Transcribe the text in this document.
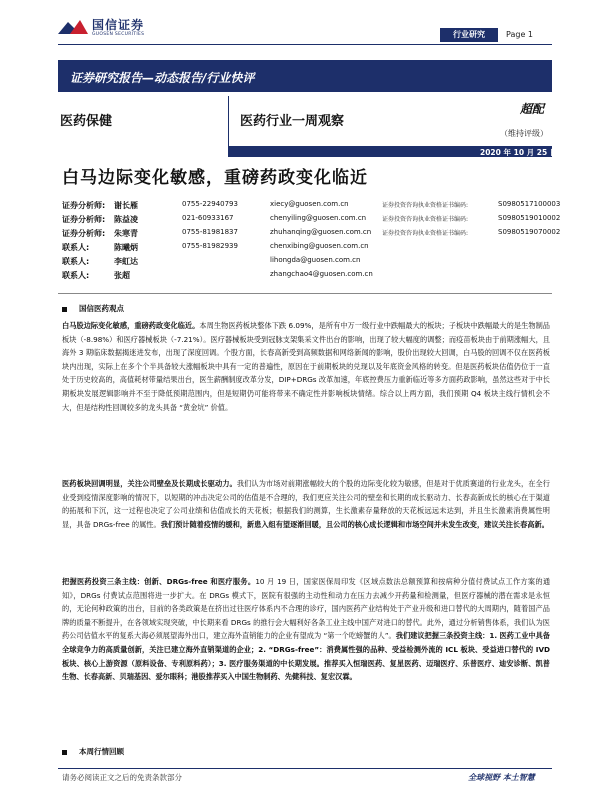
国信证券
GUOSEN SECURITIES	行业研究	Page 1
证券研究报告—动态报告/行业快评
医药保健	医药行业一周观察
超配
（维持评级）
2020 年 10 月 25 日
白马边际变化敏感，重磅药政变化临近
证券分析师: 谢长雁	0755-22940793	xiecy@guosen.com.cn	证券投资咨询执业资格证书编码:	S0980517100003
证券分析师: 陈益凌	021-60933167	chenyiling@guosen.com.cn	证券投资咨询执业资格证书编码:	S0980519010002
证券分析师: 朱寒青	0755-81981837	zhuhanqing@guosen.com.cn 证券投资咨询执业资格证书编码:	S0980519070002
联系人:	陈曦炳	0755-81982939	chenxibing@guosen.com.cn
联系人:	李虹达	lihongda@guosen.com.cn
联系人:	张超	zhangchao4@guosen.com.cn
国信医药观点
白马股边际变化敏感，重磅药政变化临近。本周生物医药板块整体下跌 6.09%，是所有中万一级行业中跌幅最大的板块；子板块中跌幅最大的是生物制品板块（-8.98%）和医疗器械板块（-7.21%）。医疗器械板块受到冠脉支架集采文件出台的影响，出现了较大幅度的调整；而疫苗板块由于前期涨幅大，且海外 3 期临床数据揭迷进发布，出现了深度回调。个股方面，长春高新受到高频数据和网络新闻的影响，股价出现较大回调，白马股的回调不仅在医药板块内出现，实际上在多个个半具备较大涨幅板块中具有一定的普遍性，原因在于前期板块的兑现以及年底资金风格的转变。但是医药板块估值仍位于一直处于历史较高的，高值耗材带量结果出台，医生薪酬制度改革分发，DIP+DRGs 改革加速，年底控费压力重新临近等多方面药政影响，虽然这些对于中长期板块发展逻辑影响并不至于降低预期范围内，但是短期仍可能将带来不确定性并影响板块情绪。综合以上两方面，我们预期 Q4 板块主线行情机会不大，但是结构性回调较多的龙头具备 “黄金坑” 价值。
医药板块回调明显，关注公司壁垒及长期成长驱动力。我们认为市场对前期涨幅较大的个股的边际变化较为敏感，但是对于优质赛道的行业龙头，在全行业受到疫情深度影响的情况下，以短期的冲击决定公司的估值是不合理的，我们更应关注公司的壁垒和长期的成长驱动力、长春高新成长的核心在于渠道的拓展和下沉，这一过程也决定了公司业绩和估值成长的天花板；根据我们的测算，生长激素存量释放的天花板远远未达到，并且生长激素消费属性明显，具备 DRGs-free 的属性。我们预计随着疫情的缓和，新患入组有望逐渐回暖，且公司的核心成长逻辑和市场空间并未发生改变，建议关注长春高新。
把握医药投资三条主线：创新、DRGs-free 和医疗服务。10 月 19 日，国家医保局印发《区域点数法总额预算和按病种分值付费试点工作方案的通知》，DRGs 付费试点范围将进一步扩大。在 DRGs 模式下，医院有很强的主动性和动力在压力去减少开药量和检测量，但医疗器械的潜在需求是永恒的，无论何种政策的出台，目前的各类政策是在挤出过往医疗体系内不合理的诊疗，国内医药产业结构处于产业升级和进口替代的大周期内，随着国产品牌的质量不断提升，在各领域实现突破，中长期来看 DRGs 的推行会大幅利好各条工业主线中国产对进口的替代。此外，通过分析销售体系，我们认为医药公司估值水平的复系大海必须展望海外出口，建立海外直销能力的企业有望成为 “第一个吃螃蟹的人”。我们建议把握三条投资主线：1. 医药工业中具备全球竞争力的高质量创新，关注已建立海外直销渠道的企业；2. “DRGs-free”：消费属性强的品种、受益检测外流的 ICL 板块、受益进口替代的 IVD 板块、核心上游资源（原料设备、专利原料药）；3. 医疗服务渠道的中长期发展。推荐买入恒瑞医药、复星医药、迈瑞医疗、乐普医疗、迪安诊断、凯普生物、长春高新、贝瑞基因、爱尔眼科；港股推荐买入中国生物制药、先健科技、复宏汉霖。
本周行情回顾
请务必阅读正文之后的免责条款部分	全球视野 本土智慧
